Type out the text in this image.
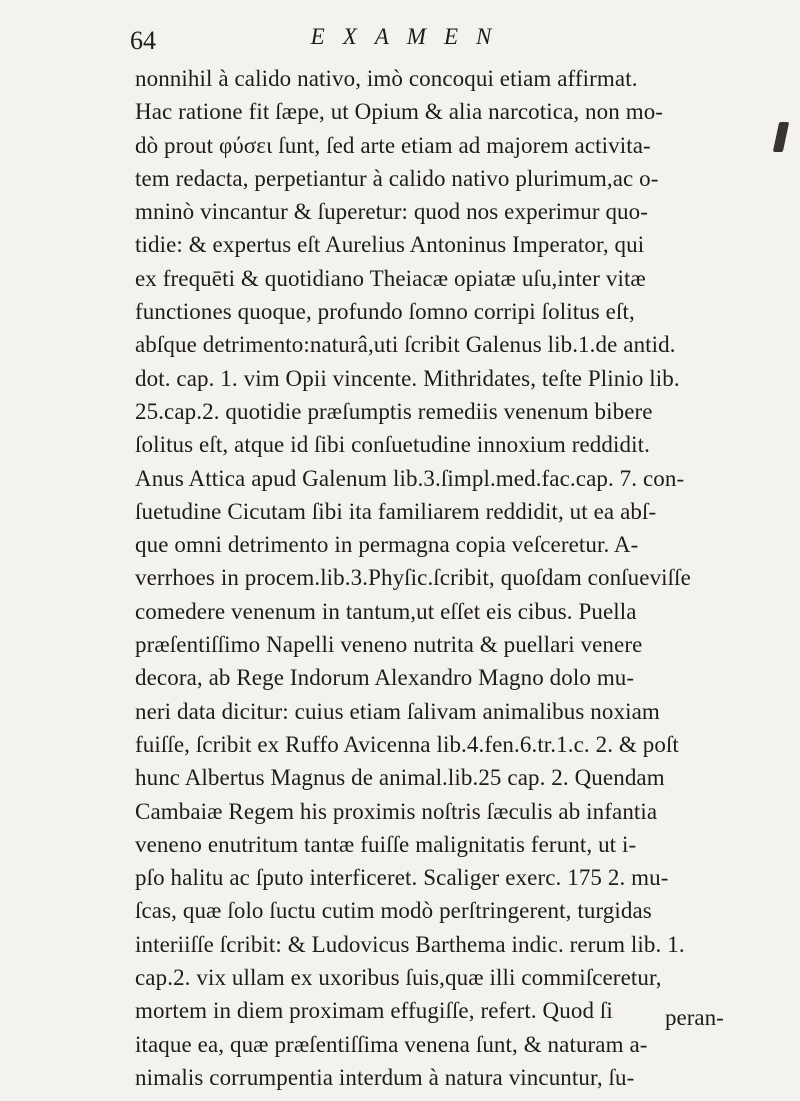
64	EXAMEN
nonnihil à calido nativo, imò concoqui etiam affirmat.
Hac ratione fit ſæpe, ut Opium & alia narcotica, non mo-
dò prout φύσει ſunt, ſed arte etiam ad majorem activita-
tem redacta, perpetiantur à calido nativo plurimum,ac o-
mninò vincantur & ſuperetur: quod nos experimur quo-
tidie: & expertus eſt Aurelius Antoninus Imperator, qui
ex frequēti & quotidiano Theiacæ opiatæ uſu,inter vitæ
functiones quoque, profundo ſomno corripi ſolitus eſt,
abſque detrimento:naturâ,uti ſcribit Galenus lib.1.de antid.
dot. cap. 1. vim Opii vincente. Mithridates, teſte Plinio lib.
25.cap.2. quotidie præſumptis remediis venenum bibere
ſolitus eſt, atque id ſibi conſuetudine innoxium reddidit.
Anus Attica apud Galenum lib.3.ſimpl.med.fac.cap. 7. con-
ſuetudine Cicutam ſibi ita familiarem reddidit, ut ea abſ-
que omni detrimento in permagna copia veſceretur. A-
verrhoes in procem.lib.3.Phyſic.ſcribit, quoſdam conſueviſſe
comedere venenum in tantum,ut eſſet eis cibus. Puella
præſentiſſimo Napelli veneno nutrita & puellari venere
decora, ab Rege Indorum Alexandro Magno dolo mu-
neri data dicitur: cuius etiam ſalivam animalibus noxiam
fuiſſe, ſcribit ex Ruffo Avicenna lib.4.fen.6.tr.1.c. 2. & poſt
hunc Albertus Magnus de animal.lib.25 cap. 2. Quendam
Cambaiæ Regem his proximis noſtris ſæculis ab infantia
veneno enutritum tantæ fuiſſe malignitatis ferunt, ut i-
pſo halitu ac ſputo interficeret. Scaliger exerc. 175 2. mu-
ſcas, quæ ſolo ſuctu cutim modò perſtringerent, turgidas
interiiſſe ſcribit: & Ludovicus Barthema indic. rerum lib. 1.
cap.2. vix ullam ex uxoribus ſuis,quæ illi commiſceretur,
mortem in diem proximam effugiſſe, refert. Quod ſi
itaque ea, quæ præſentiſſima venena ſunt, & naturam a-
nimalis corrumpentia interdum à natura vincuntur, ſu-
peran-
